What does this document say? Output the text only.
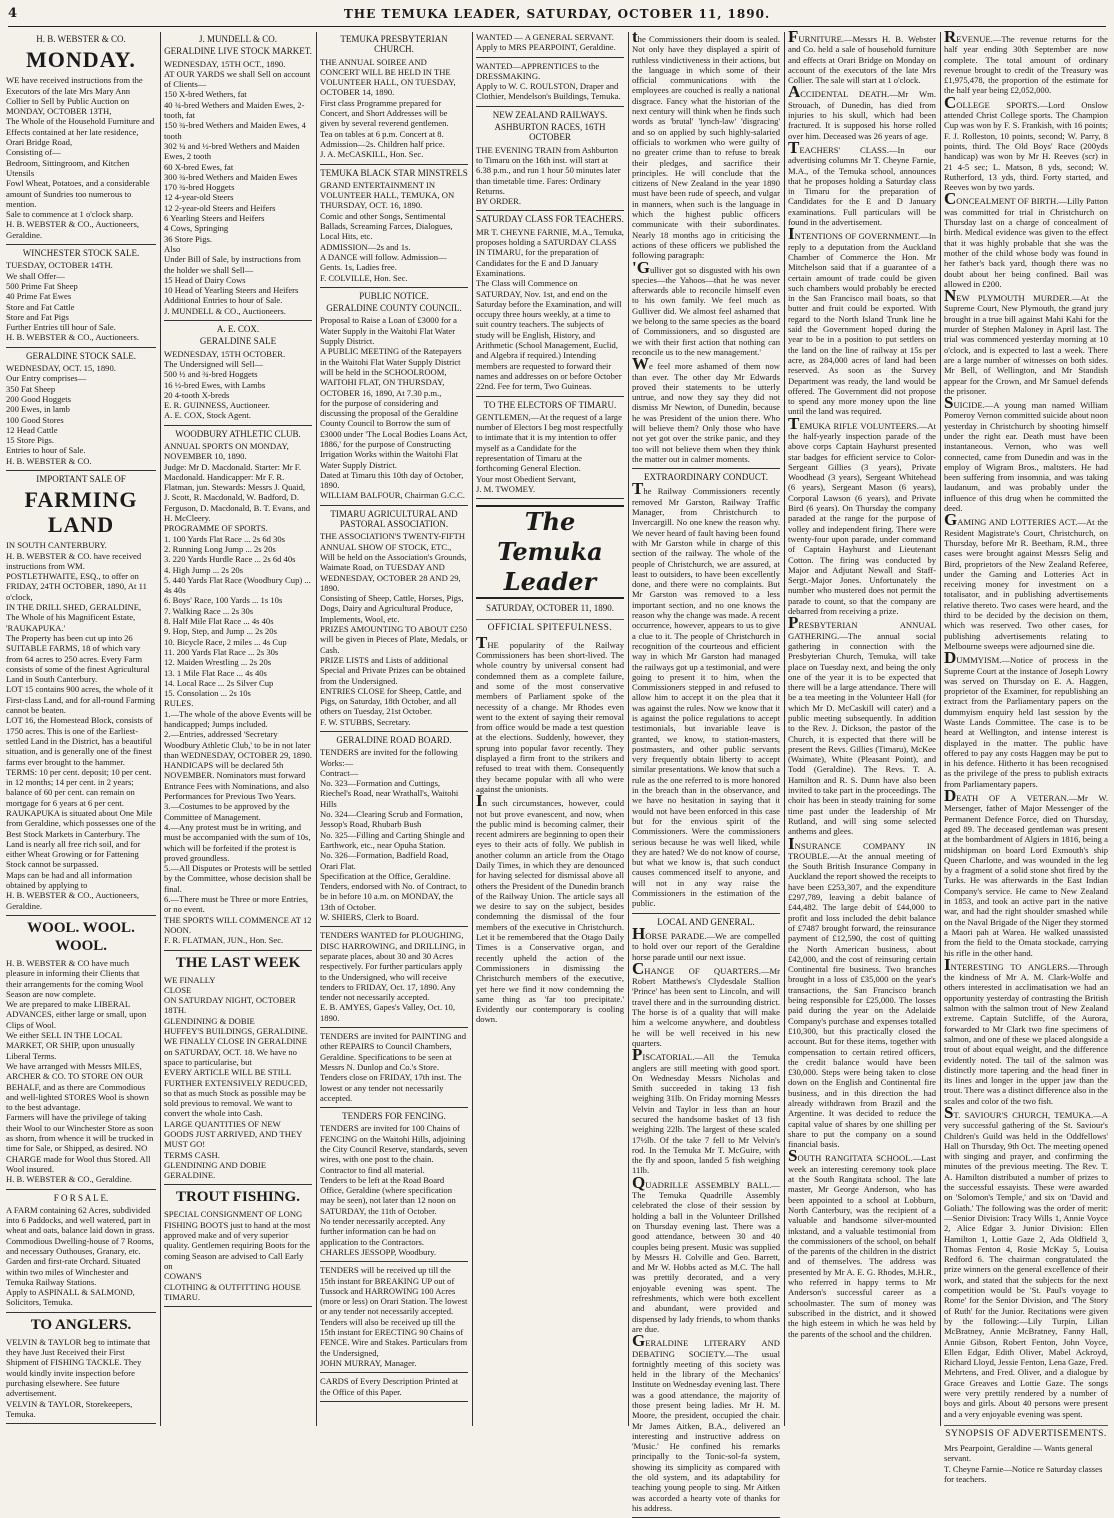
4	THE TEMUKA LEADER, SATURDAY, OCTOBER 11, 1890.
H. B. WEBSTER & CO.
MONDAY.

WE have received instructions from the Executors of the late Mrs Mary Ann Collier to Sell by Public Auction on

MONDAY, OCTOBER 13TH,

The Whole of the Household Furniture and Effects contained at her late residence, Orari Bridge Road,

Consisting of—

Bedroom, Sittingroom, and Kitchen Utensils

Fowl Wheat, Potatoes, and a considerable amount of Sundries too numerous to mention.

Sale to commence at 1 o'clock sharp.

H. B. WEBSTER & CO., Auctioneers, Geraldine.

WINCHESTER STOCK SALE.

TUESDAY, OCTOBER 14TH.

We shall Offer—

500 Prime Fat Sheep

40 Prime Fat Ewes

Store and Fat Cattle

Store and Fat Pigs

Further Entries till hour of Sale.

H. B. WEBSTER & CO., Auctioneers.

GERALDINE STOCK SALE.

WEDNESDAY, OCT. 15, 1890.

Our Entry comprises—

350 Fat Sheep

200 Good Hoggets

200 Ewes, in lamb

100 Good Stores

12 Head Cattle

15 Store Pigs.

Entries to hour of Sale.

H. B. WEBSTER & CO.

IMPORTANT SALE OF
FARMING LAND

IN SOUTH CANTERBURY.

H. B. WEBSTER & CO. have received instructions from WM. POSTLETHWAITE, ESQ., to offer on

FRIDAY, 24TH OCTOBER, 1890, At 11 o'clock,

IN THE DRILL SHED, GERALDINE,

The Whole of his Magnificent Estate,

'RAUKAPUKA.'

The Property has been cut up into 26 SUITABLE FARMS, 18 of which vary from 64 acres to 250 acres. Every Farm consists of some of the finest Agricultural Land in South Canterbury.

LOT 15 contains 900 acres, the whole of it First-class Land, and for all-round Farming cannot be beaten.

LOT 16, the Homestead Block, consists of 1750 acres. This is one of the Earliest-settled Land in the District, has a beautiful situation, and is generally one of the finest farms ever brought to the hammer.

TERMS: 10 per cent. deposit; 10 per cent. in 12 months; 14 per cent. in 2 years; balance of 60 per cent. can remain on mortgage for 6 years at 6 per cent.

RAUKAPUKA is situated about One Mile from Geraldine, which possesses one of the Best Stock Markets in Canterbury. The Land is nearly all free rich soil, and for either Wheat Growing or for Fattening Stock cannot be surpassed.

Maps can be had and all information obtained by applying to

H. B. WEBSTER & CO., Auctioneers, Geraldine.

WOOL. WOOL. WOOL.

H. B. WEBSTER & CO have much pleasure in informing their Clients that their arrangements for the coming Wool Season are now complete.

We are prepared to make LIBERAL ADVANCES, either large or small, upon Clips of Wool.

We either SELL IN THE LOCAL MARKET, OR SHIP, upon unusually Liberal Terms.

We have arranged with Messrs MILES, ARCHER & CO. TO STORE ON OUR BEHALF, and as there are Commodious and well-lighted STORES Wool is shown to the best advantage.

Farmers will have the privilege of taking their Wool to our Winchester Store as soon as shorn, from whence it will be trucked in time for Sale, or Shipped, as desired. NO CHARGE made for Wool thus Stored. All Wool insured.

H. B. WEBSTER & CO., Geraldine.

F O R S A L E.

A FARM containing 62 Acres, subdivided into 6 Paddocks, and well watered, part in wheat and oats, balance laid down in grass. Commodious Dwelling-house of 7 Rooms, and necessary Outhouses, Granary, etc. Garden and first-rate Orchard. Situated within two miles of Winchester and Temuka Railway Stations.

Apply to ASPINALL & SALMOND, Solicitors, Temuka.

TO ANGLERS.

VELVIN & TAYLOR beg to intimate that they have Just Received their First Shipment of FISHING TACKLE. They would kindly invite inspection before purchasing elsewhere. See future advertisement.

VELVIN & TAYLOR, Storekeepers, Temuka.

J. MUNDELL & CO.
GERALDINE LIVE STOCK MARKET.

WEDNESDAY, 15TH OCT., 1890.

AT OUR YARDS we shall Sell on account of Clients—

150 X-bred Wethers, fat

40 ¾-bred Wethers and Maiden Ewes, 2-tooth, fat

150 ¾-bred Wethers and Maiden Ewes, 4 tooth

302 ¼ and ½-bred Wethers and Maiden Ewes, 2 tooth

60 X-bred Ewes, fat

300 ¾-bred Wethers and Maiden Ewes

170 ¾-bred Hoggets

12 4-year-old Steers

12 2-year-old Steers and Heifers

6 Yearling Steers and Heifers

4 Cows, Springing

36 Store Pigs.

Also

Under Bill of Sale, by instructions from the holder we shall Sell—

15 Head of Dairy Cows

10 Head of Yearling Steers and Heifers

Additional Entries to hour of Sale.

J. MUNDELL & CO., Auctioneers.

A. E. COX.
GERALDINE SALE

WEDNESDAY, 15TH OCTOBER.

The Undersigned will Sell—

500 ½ and ¾-bred Hoggets

16 ½-bred Ewes, with Lambs

20 4-tooth X-breds

E. R. GUINNESS, Auctioneer.

A. E. COX, Stock Agent.

WOODBURY ATHLETIC CLUB.

ANNUAL SPORTS ON MONDAY, NOVEMBER 10, 1890.

Judge: Mr D. Macdonald. Starter: Mr F. Macdonald. Handicapper: Mr F. R. Flatman, jun. Stewards: Messrs J. Quaid, J. Scott, R. Macdonald, W. Badford, D. Ferguson, D. Macdonald, B. T. Evans, and H. McCleery.

PROGRAMME OF SPORTS.

1. 100 Yards Flat Race ... 2s 6d 30s

2. Running Long Jump ... 2s 20s

3. 220 Yards Hurdle Race ... 2s 6d 40s

4. High Jump ... 2s 20s

5. 440 Yards Flat Race (Woodbury Cup) ... 4s 40s

6. Boys' Race, 100 Yards ... 1s 10s

7. Walking Race ... 2s 30s

8. Half Mile Flat Race ... 4s 40s

9. Hop, Step, and Jump ... 2s 20s

10. Bicycle Race, 2 miles ... 4s Cup

11. 200 Yards Flat Race ... 2s 30s

12. Maiden Wrestling ... 2s 20s

13. 1 Mile Flat Race ... 4s 40s

14. Local Race ... 2s Silver Cup

15. Consolation ... 2s 10s

RULES.

1.—The whole of the above Events will be handicapped; Jumps included.

2.—Entries, addressed 'Secretary Woodbury Athletic Club,' to be in not later than WEDNESDAY, OCTOBER 29, 1890. HANDICAPS will be declared 5th NOVEMBER. Nominators must forward Entrance Fees with Nominations, and also Performances for Previous Two Years.

3.—Costumes to be approved by the Committee of Management.

4.—Any protest must be in writing, and must be accompanied with the sum of 10s, which will be forfeited if the protest is proved groundless.

5.—All Disputes or Protests will be settled by the Committee, whose decision shall be final.

6.—There must be Three or more Entries, or no event.

THE SPORTS WILL COMMENCE AT 12 NOON.

F. R. FLATMAN, JUN., Hon. Sec.

THE LAST WEEK

WE FINALLY

CLOSE

ON SATURDAY NIGHT, OCTOBER 18TH.

GLENDINING & DOBIE

HUFFEY'S BUILDINGS, GERALDINE.

WE FINALLY CLOSE IN GERALDINE on SATURDAY, OCT. 18. We have no space to particularise, but

EVERY ARTICLE WILL BE STILL FURTHER EXTENSIVELY REDUCED,

so that as much Stock as possible may be sold previous to removal. We want to convert the whole into Cash.

LARGE QUANTITIES OF NEW GOODS JUST ARRIVED, AND THEY MUST GO!

TERMS CASH.

GLENDINING AND DOBIE GERALDINE.

TROUT FISHING.

SPECIAL CONSIGNMENT OF LONG FISHING BOOTS just to hand at the most approved make and of very superior quality. Gentlemen requiring Boots for the coming Season are advised to Call Early on

COWAN'S

CLOTHING & OUTFITTING HOUSE TIMARU.

TEMUKA PRESBYTERIAN CHURCH.

THE ANNUAL SOIREE AND CONCERT WILL BE HELD IN THE VOLUNTEER HALL, ON TUESDAY, OCTOBER 14, 1890.

First class Programme prepared for Concert, and Short Addresses will be given by several reverend gentlemen.

Tea on tables at 6 p.m. Concert at 8. Admission—2s. Children half price.

J. A. McCASKILL, Hon. Sec.

TEMUKA BLACK STAR MINSTRELS

GRAND ENTERTAINMENT IN VOLUNTEER HALL, TEMUKA, ON THURSDAY, OCT. 16, 1890.

Comic and other Songs, Sentimental Ballads, Screaming Farces, Dialogues, Local Hits, etc.

ADMISSION—2s and 1s.

A DANCE will follow. Admission—Gents. 1s, Ladies free.

F. COLVILLE, Hon. Sec.

PUBLIC NOTICE.
GERALDINE COUNTY COUNCIL.

Proposal to Raise a Loan of £3000 for a Water Supply in the Waitohi Flat Water Supply District.

A PUBLIC MEETING of the Ratepayers in the Waitohi Flat Water Supply District will be held in the SCHOOLROOM, WAITOHI FLAT, ON THURSDAY, OCTOBER 16, 1890, At 7.30 p.m.,

for the purpose of considering and discussing the proposal of the Geraldine County Council to Borrow the sum of £3000 under 'The Local Bodies Loans Act, 1886,' for the purpose of Constructing Irrigation Works within the Waitohi Flat Water Supply District.

Dated at Timaru this 10th day of October, 1890.

WILLIAM BALFOUR, Chairman G.C.C.

TIMARU AGRICULTURAL AND PASTORAL ASSOCIATION.

THE ASSOCIATION'S TWENTY-FIFTH ANNUAL SHOW OF STOCK, ETC., Will be held on the Association's Grounds, Waimate Road, on TUESDAY AND WEDNESDAY, OCTOBER 28 AND 29, 1890.

Consisting of Sheep, Cattle, Horses, Pigs, Dogs, Dairy and Agricultural Produce, Implements, Wool, etc.

PRIZES AMOUNTING TO ABOUT £250 will be given in Pieces of Plate, Medals, or Cash.

PRIZE LISTS and Lists of additional Special and Private Prizes can be obtained from the Undersigned.

ENTRIES CLOSE for Sheep, Cattle, and Pigs, on Saturday, 18th October, and all others on Tuesday, 21st October.

F. W. STUBBS, Secretary.

GERALDINE ROAD BOARD.

TENDERS are invited for the following Works:—

Contract—

No. 323—Formation and Cuttings, Riechel's Road, near Wrathall's, Waitohi Hills

No. 324—Clearing Scrub and Formation, Jessop's Road, Rhubarb Bush

No. 325—Filling and Carting Shingle and Earthwork, etc., near Opuha Station.

No. 326—Formation, Badfield Road, Orari Flat.

Specification at the Office, Geraldine. Tenders, endorsed with No. of Contract, to be in before 10 a.m. on MONDAY, the 13th of October.

W. SHIERS, Clerk to Board.

TENDERS WANTED for PLOUGHING, DISC HARROWING, and DRILLING, in separate places, about 30 and 30 Acres respectively. For further particulars apply to the Undersigned, who will receive tenders to FRIDAY, Oct. 17, 1890. Any tender not necessarily accepted.

E. B. AMYES, Gapes's Valley, Oct. 10, 1890.

TENDERS are invited for PAINTING and other REPAIRS to Council Chambers, Geraldine. Specifications to be seen at Messrs N. Dunlop and Co.'s Store.

Tenders close on FRIDAY, 17th inst. The lowest or any tender not necessarily accepted.

TENDERS FOR FENCING.

TENDERS are invited for 100 Chains of FENCING on the Waitohi Hills, adjoining the City Council Reserve, standards, seven wires, with one post to the chain. Contractor to find all material.

Tenders to be left at the Road Board Office, Geraldine (where specification may be seen), not later than 12 noon on SATURDAY, the 11th of October.

No tender necessarily accepted. Any further information can be had on application to the Contractors.

CHARLES JESSOPP, Woodbury.

TENDERS will be received up till the 15th instant for BREAKING UP out of Tussock and HARROWING 100 Acres (more or less) on Orari Station. The lowest or any tender not necessarily accepted.

Tenders will also be received up till the 15th instant for ERECTING 90 Chains of FENCE. Wire and Stakes. Particulars from the Undersigned,

JOHN MURRAY, Manager.

CARDS of Every Description Printed at the Office of this Paper.

WANTED — A GENERAL SERVANT.

Apply to MRS PEARPOINT, Geraldine.

WANTED—APPRENTICES to the DRESSMAKING.

Apply to W. C. ROULSTON, Draper and Clothier, Mendelson's Buildings, Temuka.

NEW ZEALAND RAILWAYS.
ASHBURTON RACES, 16TH OCTOBER

THE EVENING TRAIN from Ashburton to Timaru on the 16th inst. will start at 6.38 p.m., and run 1 hour 50 minutes later than timetable time. Fares: Ordinary Returns.

BY ORDER.

SATURDAY CLASS FOR TEACHERS.

MR T. CHEYNE FARNIE, M.A., Temuka, proposes holding a SATURDAY CLASS IN TIMARU, for the preparation of Candidates for the E and D January Examinations.

The Class will Commence on SATURDAY, Nov. 1st, and end on the Saturday before the Examination, and will occupy three hours weekly, at a time to suit country teachers. The subjects of study will be English, History, and Arithmetic (School Management, Euclid, and Algebra if required.) Intending members are requested to forward their names and addresses on or before October 22nd. Fee for term, Two Guineas.

TO THE ELECTORS OF TIMARU.

GENTLEMEN,—At the request of a large number of Electors I beg most respectfully to intimate that it is my intention to offer myself as a Candidate for the representation of Timaru at the forthcoming General Election.

Your most Obedient Servant,

J. M. TWOMEY.

The Temuka Leader
SATURDAY, OCTOBER 11, 1890.
OFFICIAL SPITEFULNESS.

THE popularity of the Railway Commissioners has been short-lived. The whole country by universal consent had condemned them as a complete failure, and some of the most conservative members of Parliament spoke of the necessity of a change. Mr Rhodes even went to the extent of saying their removal from office would be made a test question at the elections. Suddenly, however, they sprung into popular favor recently. They displayed a firm front to the strikers and refused to treat with them. Consequently they became popular with all who were against the unionists.

In such circumstances, however, could not but prove evanescent, and now, when the public mind is becoming calmer, their recent admirers are beginning to open their eyes to their acts of folly. We publish in another column an article from the Otago Daily Times, in which they are denounced for having selected for dismissal above all others the President of the Dunedin branch of the Railway Union. The article says all we desire to say on the subject, besides condemning the dismissal of the four members of the executive in Christchurch. Let it be remembered that the Otago Daily Times is a Conservative organ, and recently upheld the action of the Commissioners in dismissing the Christchurch members of the executive, yet here we find it now condemning the same thing as 'far too precipitate.' Evidently our contemporary is cooling down.

the Commissioners their doom is sealed. Not only have they displayed a spirit of ruthless vindictiveness in their actions, but the language in which some of their official communications with the employees are couched is really a national disgrace. Fancy what the historian of the next century will think when he finds such words as 'brutal' 'lynch-law' 'disgracing' and so on applied by such highly-salaried officials to workmen who were guilty of no greater crime than to refuse to break their pledges, and sacrifice their principles. He will conclude that the citizens of New Zealand in the year 1890 must have been rude of speech, and vulgar in manners, when such is the language in which the highest public officers communicate with their subordinates. Nearly 18 months ago in criticising the actions of these officers we published the following paragraph:

'Gulliver got so disgusted with his own species—the Yahoos—that he was never afterwards able to reconcile himself even to his own family. We feel much as Gulliver did. We almost feel ashamed that we belong to the same species as the board of Commissioners, and so disgusted are we with their first action that nothing can reconcile us to the new management.'

We feel more ashamed of them now than ever. The other day Mr Edwards proved their statements to be utterly untrue, and now they say they did not dismiss Mr Newton, of Dunedin, because he was President of the union there. Who will believe them? Only those who have not yet got over the strike panic, and they too will not believe them when they think the matter out in calmer moments.

EXTRAORDINARY CONDUCT.

The Railway Commissioners recently removed Mr Garston, Railway Traffic Manager, from Christchurch to Invercargill. No one knew the reason why. We never heard of fault having been found with Mr Garston while in charge of this section of the railway. The whole of the people of Christchurch, we are assured, at least to outsiders, to have been excellently done, and there were no complaints. But Mr Garston was removed to a less important section, and no one knows the reason why the change was made. A recent occurrence, however, appears to us to give a clue to it. The people of Christchurch in recognition of the courteous and efficient way in which Mr Garston had managed the railways got up a testimonial, and were going to present it to him, when the Commissioners stepped in and refused to allow him to accept it on the plea that it was against the rules. Now we know that it is against the police regulations to accept testimonials, but invariable leave is granted, we know, to station-masters, postmasters, and other public servants very frequently obtain liberty to accept similar presentations. We know that such a rule as the one referred to is more honored in the breach than in the observance, and we have no hesitation in saying that it would not have been enforced in this case but for the envious spirit of the Commissioners. Were the commissioners serious because he was well liked, while they are hated? We do not know of course, but what we know is, that such conduct causes commenced itself to anyone, and will not in any way raise the Commissioners in the estimation of the public.

LOCAL AND GENERAL.

HORSE PARADE.—We are compelled to hold over our report of the Geraldine horse parade until our next issue.

CHANGE OF QUARTERS.—Mr Robert Matthews's Clydesdale Stallion 'Prince' has been sent to Lincoln, and will travel there and in the surrounding district. The horse is of a quality that will make him a welcome anywhere, and doubtless he will be well received in his new quarters.

PISCATORIAL.—All the Temuka anglers are still meeting with good sport. On Wednesday Messrs Nicholas and Smith succeeded in taking 13 fish weighing 31lb. On Friday morning Messrs Velvin and Taylor in less than an hour secured the handsome basket of 13 fish weighing 22lb. The largest of these scaled 17½lb. Of the take 7 fell to Mr Velvin's rod. In the Temuka Mr T. McGuire, with the fly and spoon, landed 5 fish weighing 11lb.

QUADRILLE ASSEMBLY BALL.—The Temuka Quadrille Assembly celebrated the close of their session by holding a ball in the Volunteer Drillshed on Thursday evening last. There was a good attendance, between 30 and 40 couples being present. Music was supplied by Messrs H. Colville and Geo. Barrett, and Mr W. Hobbs acted as M.C. The hall was prettily decorated, and a very enjoyable evening was spent. The refreshments, which were both excellent and abundant, were provided and dispensed by lady friends, to whom thanks are due.

GERALDINE LITERARY AND DEBATING SOCIETY.—The usual fortnightly meeting of this society was held in the library of the Mechanics' Institute on Wednesday evening last. There was a good attendance, the majority of those present being ladies. Mr H. M. Moore, the president, occupied the chair. Mr James Aitken, B.A., delivered an interesting and instructive address on 'Music.' He confined his remarks principally to the Tonic-sol-fa system, showing its simplicity as compared with the old system, and its adaptability for teaching young people to sing. Mr Aitken was accorded a hearty vote of thanks for his address.

FURNITURE.—Messrs H. B. Webster and Co. held a sale of household furniture and effects at Orari Bridge on Monday on account of the executors of the late Mrs Collier. The sale will start at 1 o'clock.

ACCIDENTAL DEATH.—Mr Wm. Strouach, of Dunedin, has died from injuries to his skull, which had been fractured. It is supposed his horse rolled over him. Deceased was 26 years of age.

TEACHERS' CLASS.—In our advertising columns Mr T. Cheyne Farnie, M.A., of the Temuka school, announces that he proposes holding a Saturday class in Timaru for the preparation of Candidates for the E and D January examinations. Full particulars will be found in the advertisement.

INTENTIONS OF GOVERNMENT.—In reply to a deputation from the Auckland Chamber of Commerce the Hon. Mr Mitchelson said that if a guarantee of a certain amount of trade could be given such chambers would probably be erected in the San Francisco mail boats, so that butter and fruit could be exported. With regard to the North Island Trunk line he said the Government hoped during the year to be in a position to put settlers on the land on the line of railway at 15s per acre, as 284,000 acres of land had been reserved. As soon as the Survey Department was ready, the land would be offered. The Government did not propose to spend any more money upon the line until the land was required.

TEMUKA RIFLE VOLUNTEERS.—At the half-yearly inspection parade of the above corps Captain Hayhurst presented star badges for efficient service to Color-Sergeant Gillies (3 years), Private Woodhead (3 years), Sergeant Whitehead (6 years), Sergeant Mason (6 years), Corporal Lawson (6 years), and Private Bird (6 years). On Thursday the company paraded at the range for the purpose of volley and independent firing. There were twenty-four upon parade, under command of Captain Hayhurst and Lieutenant Cotton. The firing was conducted by Major and Adjutant Newall and Staff-Sergt.-Major Jones. Unfortunately the number who mustered does not permit the parade to count, so that the company are debarred from receiving a prize.

PRESBYTERIAN ANNUAL GATHERING.—The annual social gathering in connection with the Presbyterian Church, Temuka, will take place on Tuesday next, and being the only one of the year it is to be expected that there will be a large attendance. There will be a tea meeting in the Volunteer Hall (for which Mr D. McCaskill will cater) and a public meeting subsequently. In addition to the Rev. J. Dickson, the pastor of the Church, it is expected that there will be present the Revs. Gillies (Timaru), McKee (Waimate), White (Pleasant Point), and Todd (Geraldine). The Revs. T. A. Hamilton and R. S. Dunn have also been invited to take part in the proceedings. The choir has been in steady training for some time past under the leadership of Mr Rutland, and will sing some selected anthems and glees.

INSURANCE COMPANY IN TROUBLE.—At the annual meeting of the South British Insurance Company in Auckland the report showed the receipts to have been £253,307, and the expenditure £297,789, leaving a debit balance of £44,482. The large debit of £44,000 to profit and loss included the debit balance of £7487 brought forward, the reinsurance payment of £12,590, the cost of quitting the North American business, about £42,000, and the cost of reinsuring certain Continental fire business. Two branches brought in a loss of £35,000 on the year's transactions, the San Francisco branch being responsible for £25,000. The losses paid during the year on the Adelaide Company's purchase and expenses totalled £10,300, but this practically closed the account. But for these items, together with compensation to certain retired officers, the credit balance would have been £30,000. Steps were being taken to close down on the English and Continental fire business, and in this direction the had already withdrawn from Brazil and the Argentine. It was decided to reduce the capital value of shares by one shilling per share to put the company on a sound financial basis.

SOUTH RANGITATA SCHOOL.—Last week an interesting ceremony took place at the South Rangitata school. The late master, Mr George Anderson, who has been appointed to a school at Lobburn, North Canterbury, was the recipient of a valuable and handsome silver-mounted inkstand, and a valuable testimonial from the commissioners of the school, on behalf of the parents of the children in the district and of themselves. The address was presented by Mr A. E. G. Rhodes, M.H.R., who referred in happy terms to Mr Anderson's successful career as a schoolmaster. The sum of money was subscribed in the district, and it showed the high esteem in which he was held by the parents of the school and the children.

REVENUE.—The revenue returns for the half year ending 30th September are now complete. The total amount of ordinary revenue brought to credit of the Treasury was £1,975,478, the proportion of the estimate for the half year being £2,052,000.

COLLEGE SPORTS.—Lord Onslow attended Christ College sports. The Champion Cup was won by F. S. Frankish, with 16 points; F. J. Rolleston, 10 points, second; W. Parry, 8 points, third. The Old Boys' Race (200yds handicap) was won by Mr H. Reeves (scr) in 21 4-5 sec; L. Matson, 8 yds, second; W. Rutherford, 13 yds, third. Forty started, and Reeves won by two yards.

CONCEALMENT OF BIRTH.—Lilly Patton was committed for trial in Christchurch on Thursday last on a charge of concealment of birth. Medical evidence was given to the effect that it was highly probable that she was the mother of the child whose body was found in her father's back yard, though there was no doubt about her being confined. Bail was allowed in £200.

NEW PLYMOUTH MURDER.—At the Supreme Court, New Plymouth, the grand jury brought in a true bill against Mahi Kahi for the murder of Stephen Maloney in April last. The trial was commenced yesterday morning at 10 o'clock, and is expected to last a week. There are a large number of witnesses on both sides. Mr Bell, of Wellington, and Mr Standish appear for the Crown, and Mr Samuel defends the prisoner.

SUICIDE.—A young man named William Pomeroy Vernon committed suicide about noon yesterday in Christchurch by shooting himself under the right ear. Death must have been instantaneous. Vernon, who was well connected, came from Dunedin and was in the employ of Wigram Bros., maltsters. He had been suffering from insomnia, and was taking laudanum, and was probably under the influence of this drug when he committed the deed.

GAMING AND LOTTERIES ACT.—At the Resident Magistrate's Court, Christchurch, on Thursday, before Mr R. Beetham, R.M., three cases were brought against Messrs Selig and Bird, proprietors of the New Zealand Referee, under the Gaming and Lotteries Act in receiving money for investment on a totalisator, and in publishing advertisements relative thereto. Two cases were heard, and the third to be decided by the decision on them, which was reserved. Two other cases, for publishing advertisements relating to Melbourne sweeps were adjourned sine die.

DUMMYISM.—Notice of process in the Supreme Court at the instance of Joseph Lowry was served on Thursday on E. A. Haggen, proprietor of the Examiner, for republishing an extract from the Parliamentary papers on the dummyism enquiry held last session by the Waste Lands Committee. The case is to be heard at Wellington, and intense interest is displayed in the matter. The public have offered to pay any costs Haggen may be put to in his defence. Hitherto it has been recognised as the privilege of the press to publish extracts from Parliamentary papers.

DEATH OF A VETERAN.—Mr W. Mersenger, father of Major Messenger of the Permanent Defence Force, died on Thursday, aged 89. The deceased gentleman was present at the bombardment of Algiers in 1816, being a midshipman on board Lord Exmouth's ship Queen Charlotte, and was wounded in the leg by a fragment of a solid stone shot fired by the Turks. He was afterwards in the East Indian Company's service. He came to New Zealand in 1853, and took an active part in the native war, and had the right shoulder smashed while on the Naval Brigade of the Niger they stormed a Maori pah at Warea. He walked unassisted from the field to the Omata stockade, carrying his rifle in the other hand.

INTERESTING TO ANGLERS.—Through the kindness of Mr A. M. Clark-Wolfe and others interested in acclimatisation we had an opportunity yesterday of contrasting the British salmon with the salmon trout of New Zealand extreme. Captain Sutcliffe, of the Aurora, forwarded to Mr Clark two fine specimens of salmon, and one of these we placed alongside a trout of about equal weight, and the difference evidently noted. The tail of the salmon was distinctly more tapering and the head finer in its lines and longer in the upper jaw than the trout. There was a distinct difference also in the scales and color of the two fish.

ST. SAVIOUR'S CHURCH, TEMUKA.—A very successful gathering of the St. Saviour's Children's Guild was held in the Oddfellows' Hall on Thursday, 9th Oct. The meeting opened with singing and prayer, and confirming the minutes of the previous meeting. The Rev. T. A. Hamilton distributed a number of prizes to the successful essayists. These were awarded on 'Solomon's Temple,' and six on 'David and Goliath.' The following was the order of merit:—Senior Division: Tracy Wills 1, Annie Voyce 2, Alice Edgar 3. Junior Division: Ellen Hamilton 1, Lottie Gaze 2, Ada Oldfield 3, Thomas Fenton 4, Rosie McKay 5, Louisa Redford 6. The chairman congratulated the prize winners on the general excellence of their work, and stated that the subjects for the next competition would be 'St. Paul's voyage to Rome' for the Senior Division, and 'The Story of Ruth' for the Junior. Recitations were given by the following:—Lily Turpin, Lilian McBratney, Annie McBratney, Fanny Hall, Annie Gibson, Robert Fenton, John Voyce, Ellen Edgar, Edith Oliver, Mabel Ackroyd, Richard Lloyd, Jessie Fenton, Lena Gaze, Fred. Mehrtens, and Fred. Oliver, and a dialogue by Grace Greaves and Lottie Gaze. The songs were very prettily rendered by a number of boys and girls. About 40 persons were present and a very enjoyable evening was spent.

SYNOPSIS OF ADVERTISEMENTS.

Mrs Pearpoint, Geraldine — Wants general servant.

T. Cheyne Farnie—Notice re Saturday classes for teachers.
